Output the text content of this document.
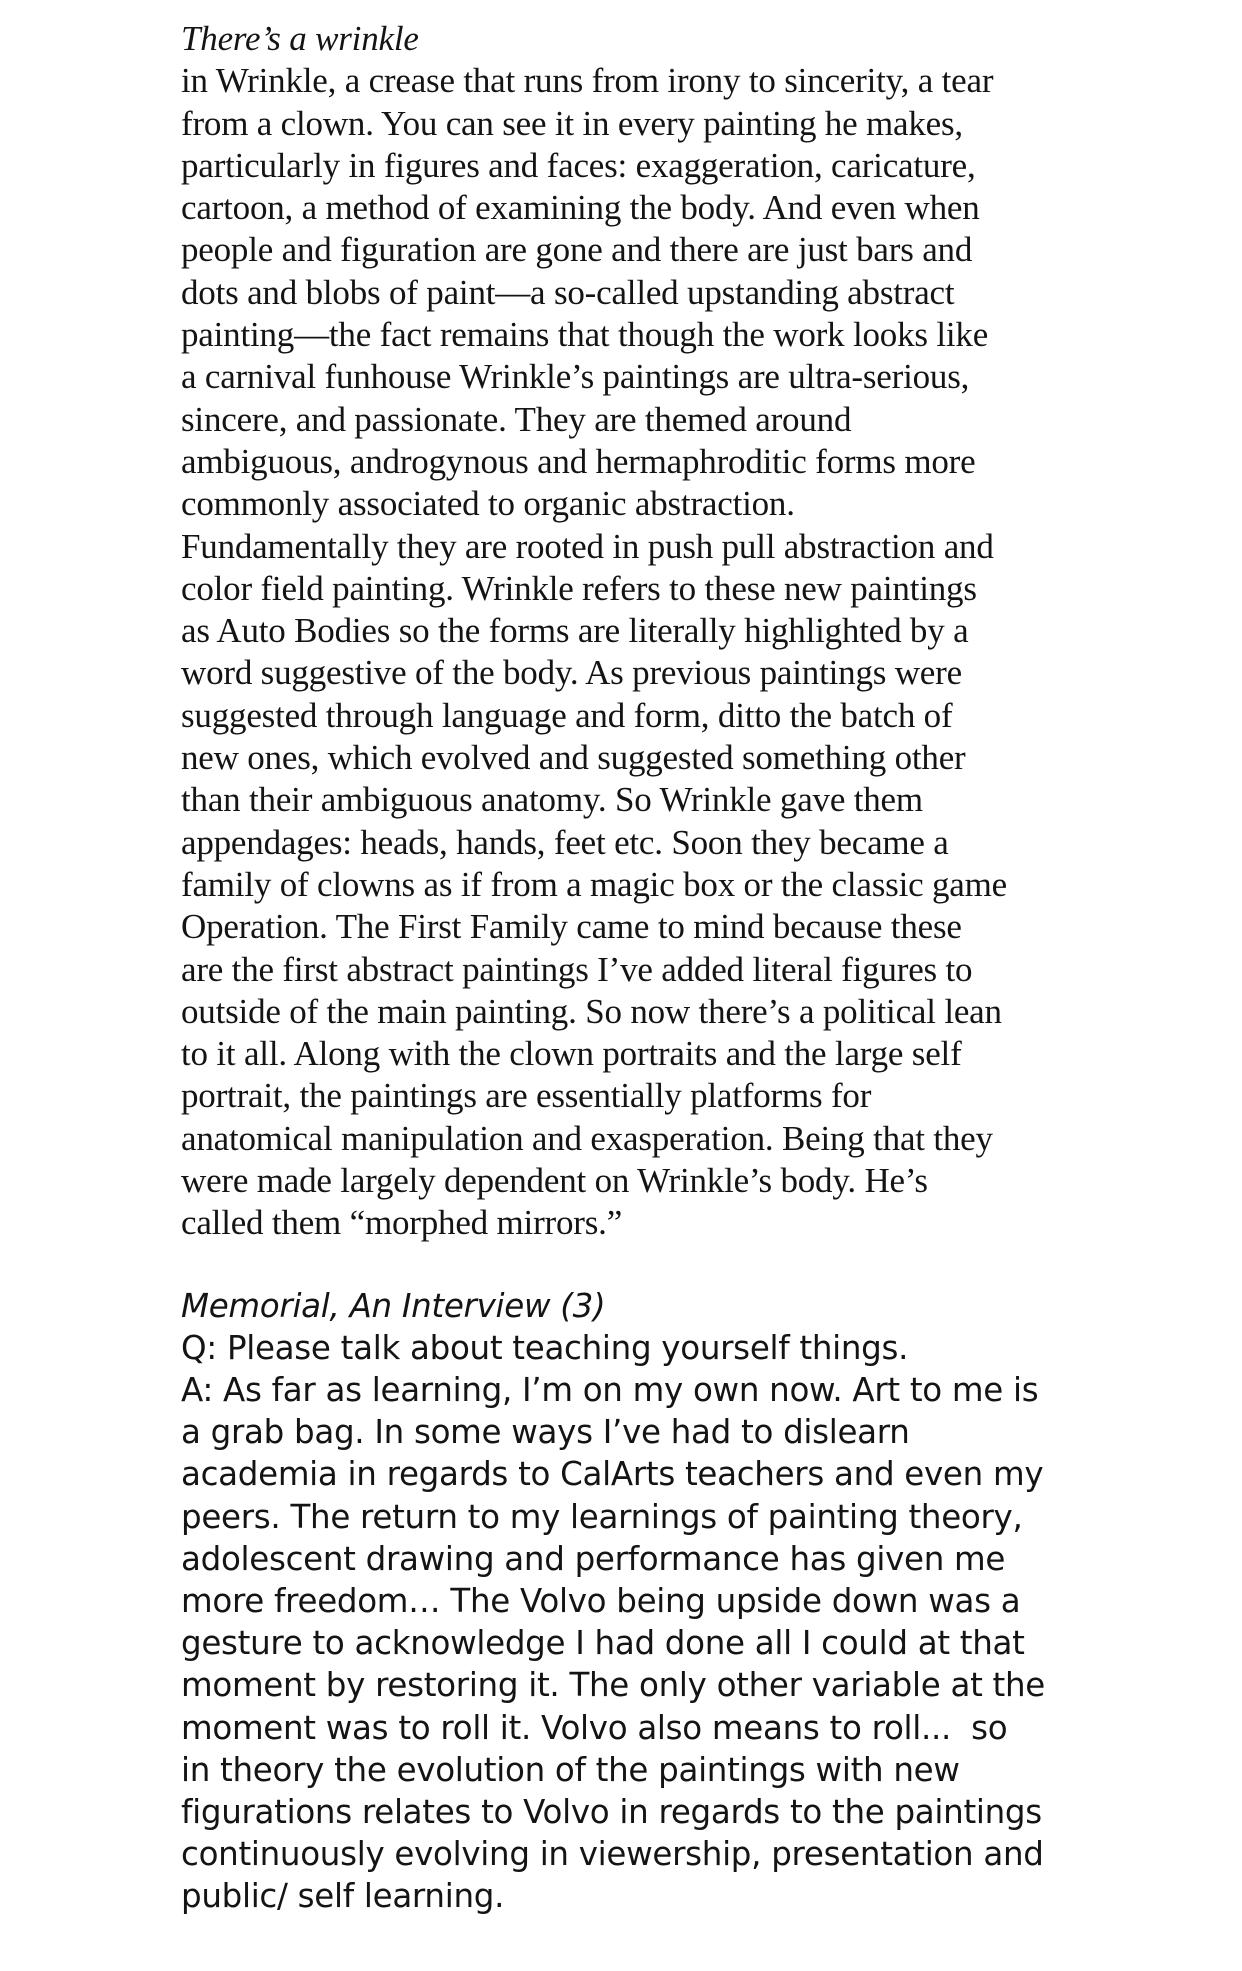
There’s a wrinkle
in Wrinkle, a crease that runs from irony to sincerity, a tear
from a clown. You can see it in every painting he makes,
particularly in figures and faces: exaggeration, caricature,
cartoon, a method of examining the body. And even when
people and figuration are gone and there are just bars and
dots and blobs of paint—a so-called upstanding abstract
painting—the fact remains that though the work looks like
a carnival funhouse Wrinkle’s paintings are ultra-serious,
sincere, and passionate. They are themed around
ambiguous, androgynous and hermaphroditic forms more
commonly associated to organic abstraction.
Fundamentally they are rooted in push pull abstraction and
color field painting. Wrinkle refers to these new paintings
as Auto Bodies so the forms are literally highlighted by a
word suggestive of the body. As previous paintings were
suggested through language and form, ditto the batch of
new ones, which evolved and suggested something other
than their ambiguous anatomy. So Wrinkle gave them
appendages: heads, hands, feet etc. Soon they became a
family of clowns as if from a magic box or the classic game
Operation. The First Family came to mind because these
are the first abstract paintings I’ve added literal figures to
outside of the main painting. So now there’s a political lean
to it all. Along with the clown portraits and the large self
portrait, the paintings are essentially platforms for
anatomical manipulation and exasperation. Being that they
were made largely dependent on Wrinkle’s body. He’s
called them “morphed mirrors.”
Memorial, An Interview (3)
Q: Please talk about teaching yourself things.
A: As far as learning, I’m on my own now. Art to me is
a grab bag. In some ways I’ve had to dislearn
academia in regards to CalArts teachers and even my
peers. The return to my learnings of painting theory,
adolescent drawing and performance has given me
more freedom… The Volvo being upside down was a
gesture to acknowledge I had done all I could at that
moment by restoring it. The only other variable at the
moment was to roll it. Volvo also means to roll...  so
in theory the evolution of the paintings with new
figurations relates to Volvo in regards to the paintings
continuously evolving in viewership, presentation and
public/ self learning.
